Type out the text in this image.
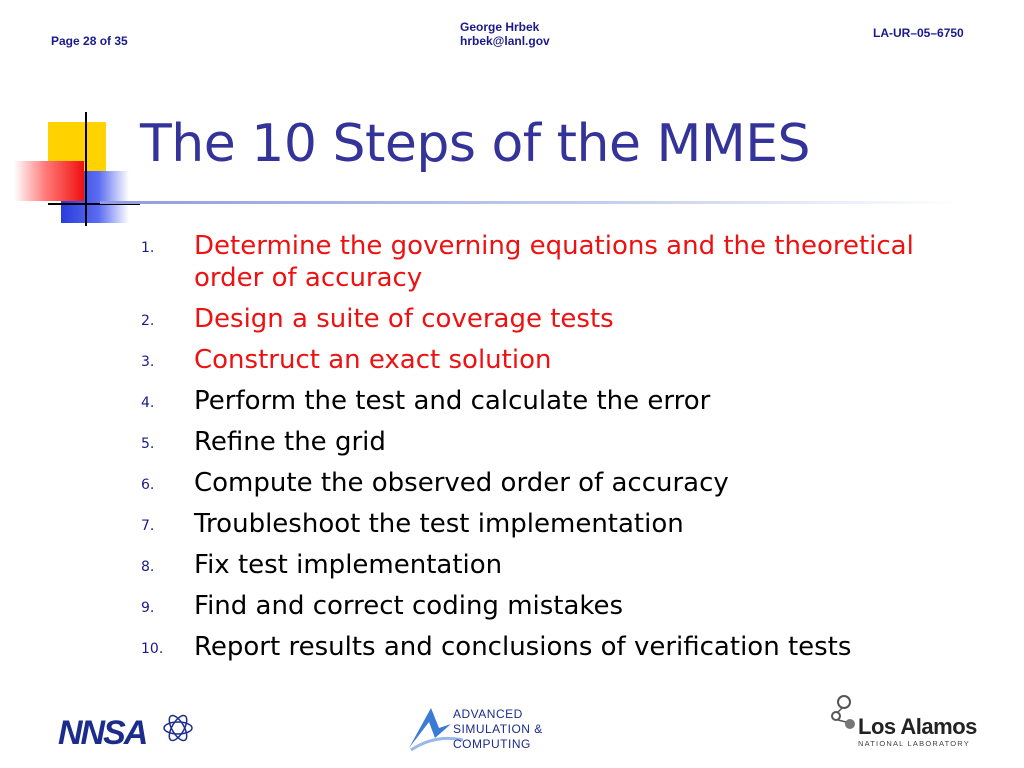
Page 28 of 35
George Hrbek
hrbek@lanl.gov
LA-UR–05–6750
The 10 Steps of the MMES
1. Determine the governing equations and the theoretical order of accuracy
2. Design a suite of coverage tests
3. Construct an exact solution
4. Perform the test and calculate the error
5. Refine the grid
6. Compute the observed order of accuracy
7. Troubleshoot the test implementation
8. Fix test implementation
9. Find and correct coding mistakes
10. Report results and conclusions of verification tests
NNSA	ADVANCED
SIMULATION &
COMPUTING
Los Alamos
NATIONAL LABORATORY
